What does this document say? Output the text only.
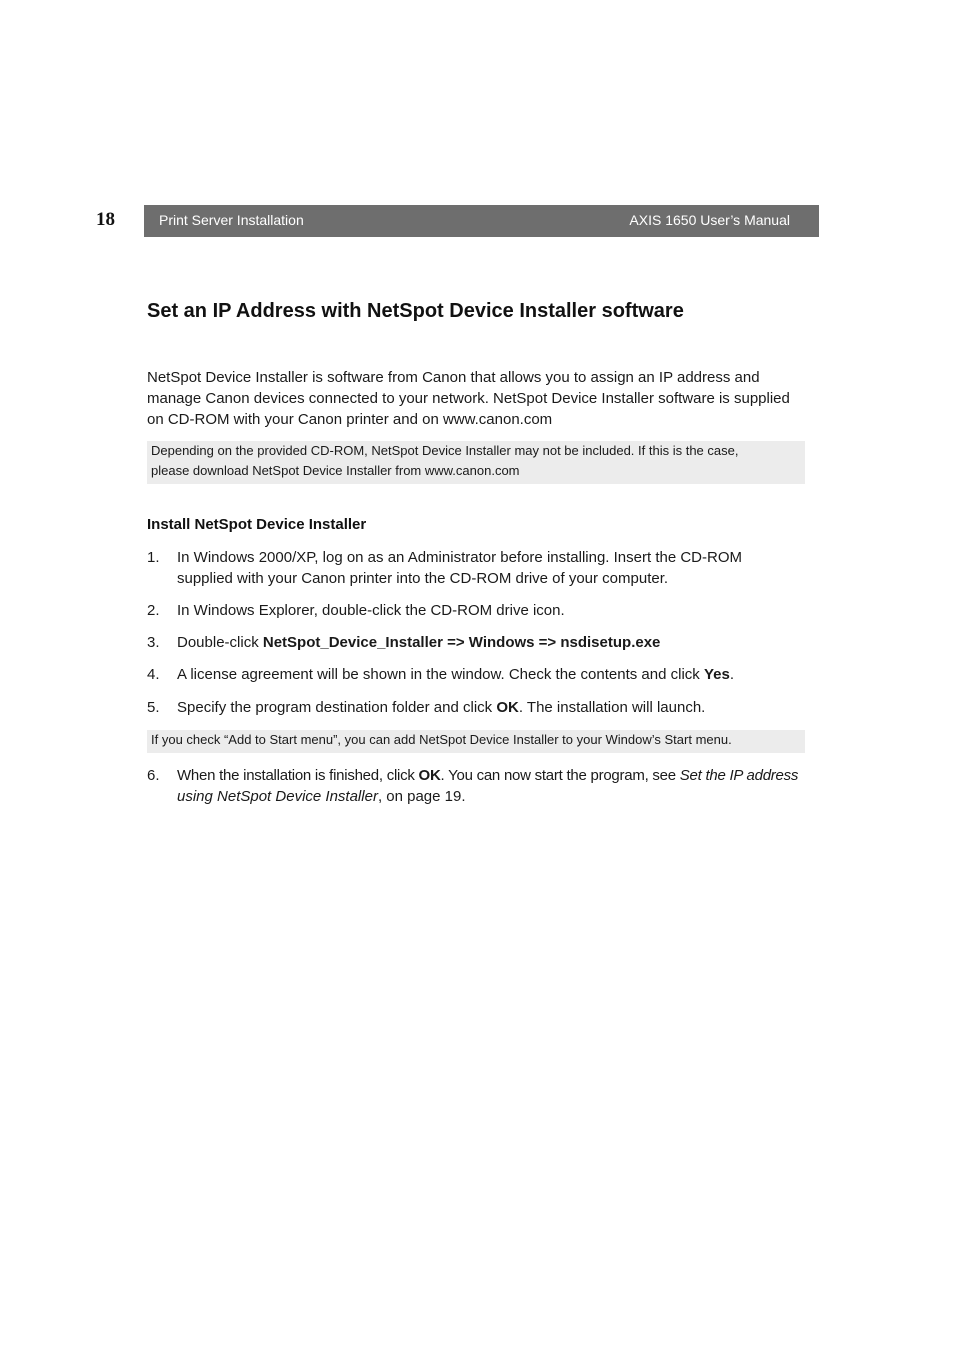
18	Print Server Installation	AXIS 1650 User’s Manual
Set an IP Address with NetSpot Device Installer software

NetSpot Device Installer is software from Canon that allows you to assign an IP address and
manage Canon devices connected to your network. NetSpot Device Installer software is supplied
on CD-ROM with your Canon printer and on www.canon.com

Depending on the provided CD-ROM, NetSpot Device Installer may not be included. If this is the case,
please download NetSpot Device Installer from www.canon.com
Install NetSpot Device Installer
1. In Windows 2000/XP, log on as an Administrator before installing. Insert the CD-ROM
supplied with your Canon printer into the CD-ROM drive of your computer.
2. In Windows Explorer, double-click the CD-ROM drive icon.
3. Double-click NetSpot_Device_Installer => Windows => nsdisetup.exe
4. A license agreement will be shown in the window. Check the contents and click Yes.
5. Specify the program destination folder and click OK. The installation will launch.
If you check “Add to Start menu”, you can add NetSpot Device Installer to your Window’s Start menu.
6. When the installation is finished, click OK. You can now start the program, see Set the IP address
using NetSpot Device Installer, on page 19.
